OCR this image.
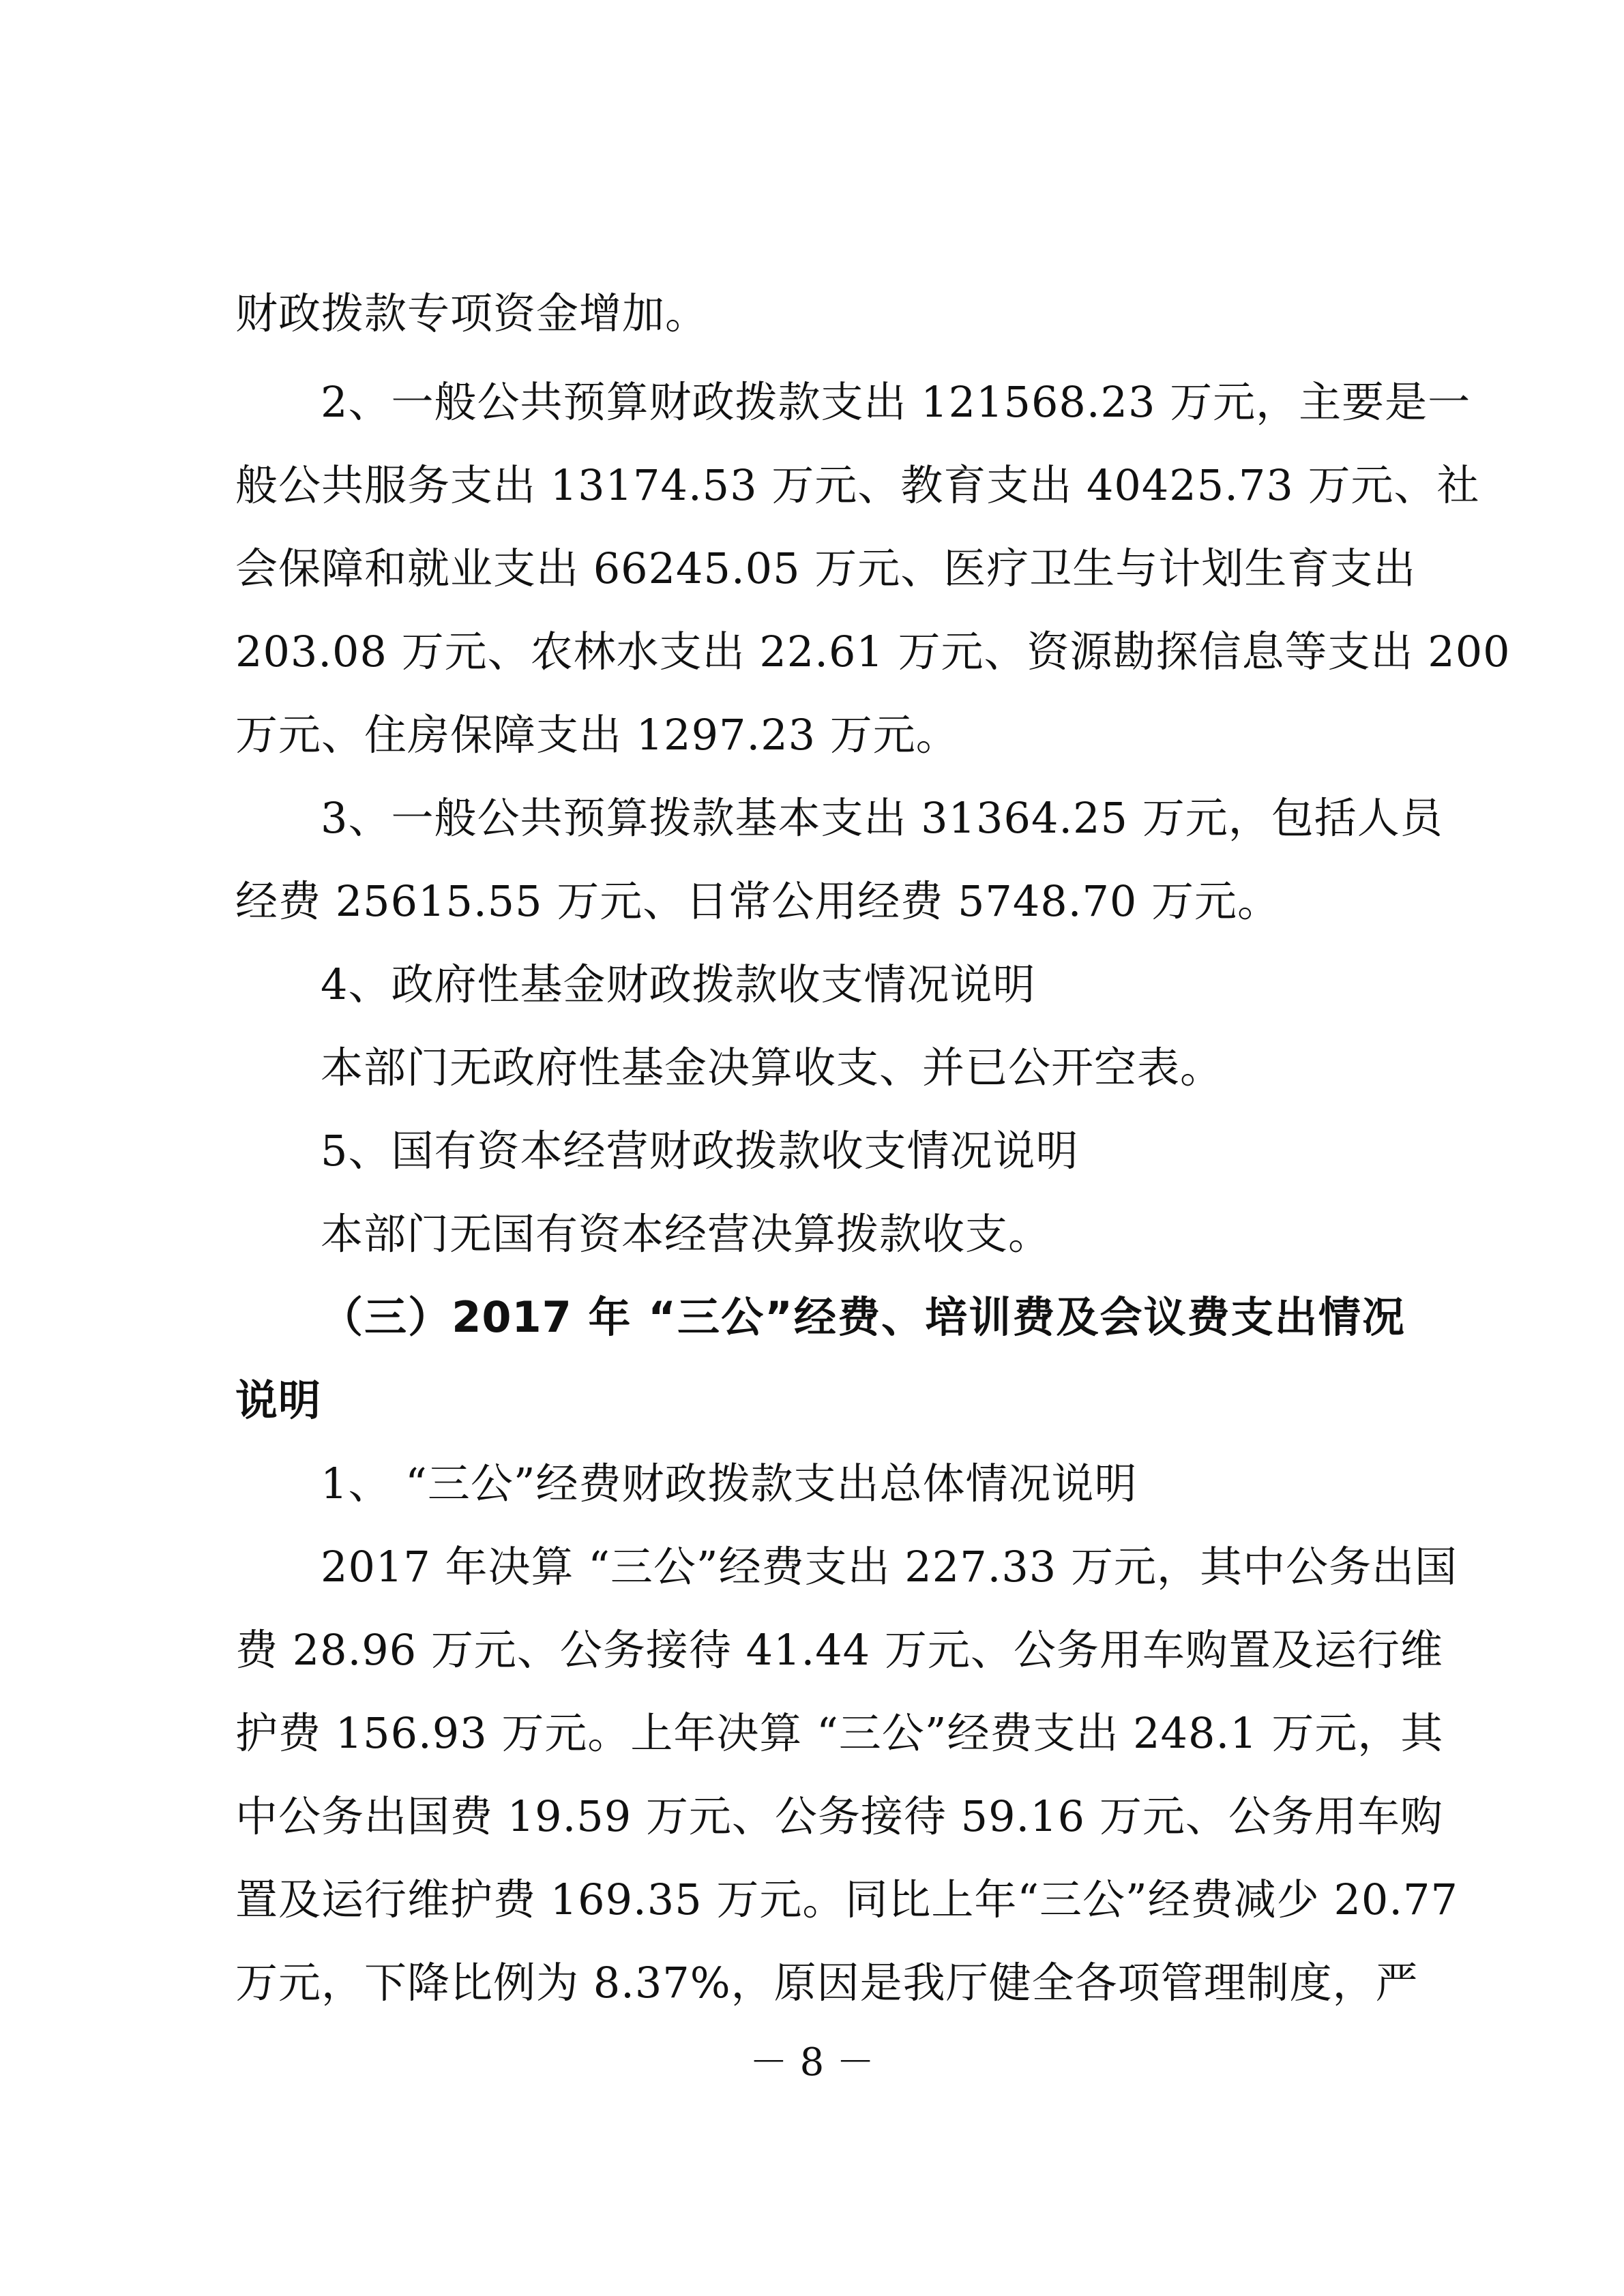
财政拨款专项资金增加。
2、一般公共预算财政拨款支出 121568.23 万元，主要是一
般公共服务支出 13174.53 万元、教育支出 40425.73 万元、社
会保障和就业支出 66245.05 万元、医疗卫生与计划生育支出
203.08 万元、农林水支出 22.61 万元、资源勘探信息等支出 200
万元、住房保障支出 1297.23 万元。
3、一般公共预算拨款基本支出 31364.25 万元，包括人员
经费 25615.55 万元、日常公用经费 5748.70 万元。
4、政府性基金财政拨款收支情况说明
本部门无政府性基金决算收支、并已公开空表。
5、国有资本经营财政拨款收支情况说明
本部门无国有资本经营决算拨款收支。
（三）2017 年 “三公”经费、培训费及会议费支出情况
说明
1、 “三公”经费财政拨款支出总体情况说明
2017 年决算 “三公”经费支出 227.33 万元，其中公务出国
费 28.96 万元、公务接待 41.44 万元、公务用车购置及运行维
护费 156.93 万元。上年决算 “三公”经费支出 248.1 万元，其
中公务出国费 19.59 万元、公务接待 59.16 万元、公务用车购
置及运行维护费 169.35 万元。同比上年“三公”经费减少 20.77
万元，下降比例为 8.37%，原因是我厅健全各项管理制度，严
－ 8 －
